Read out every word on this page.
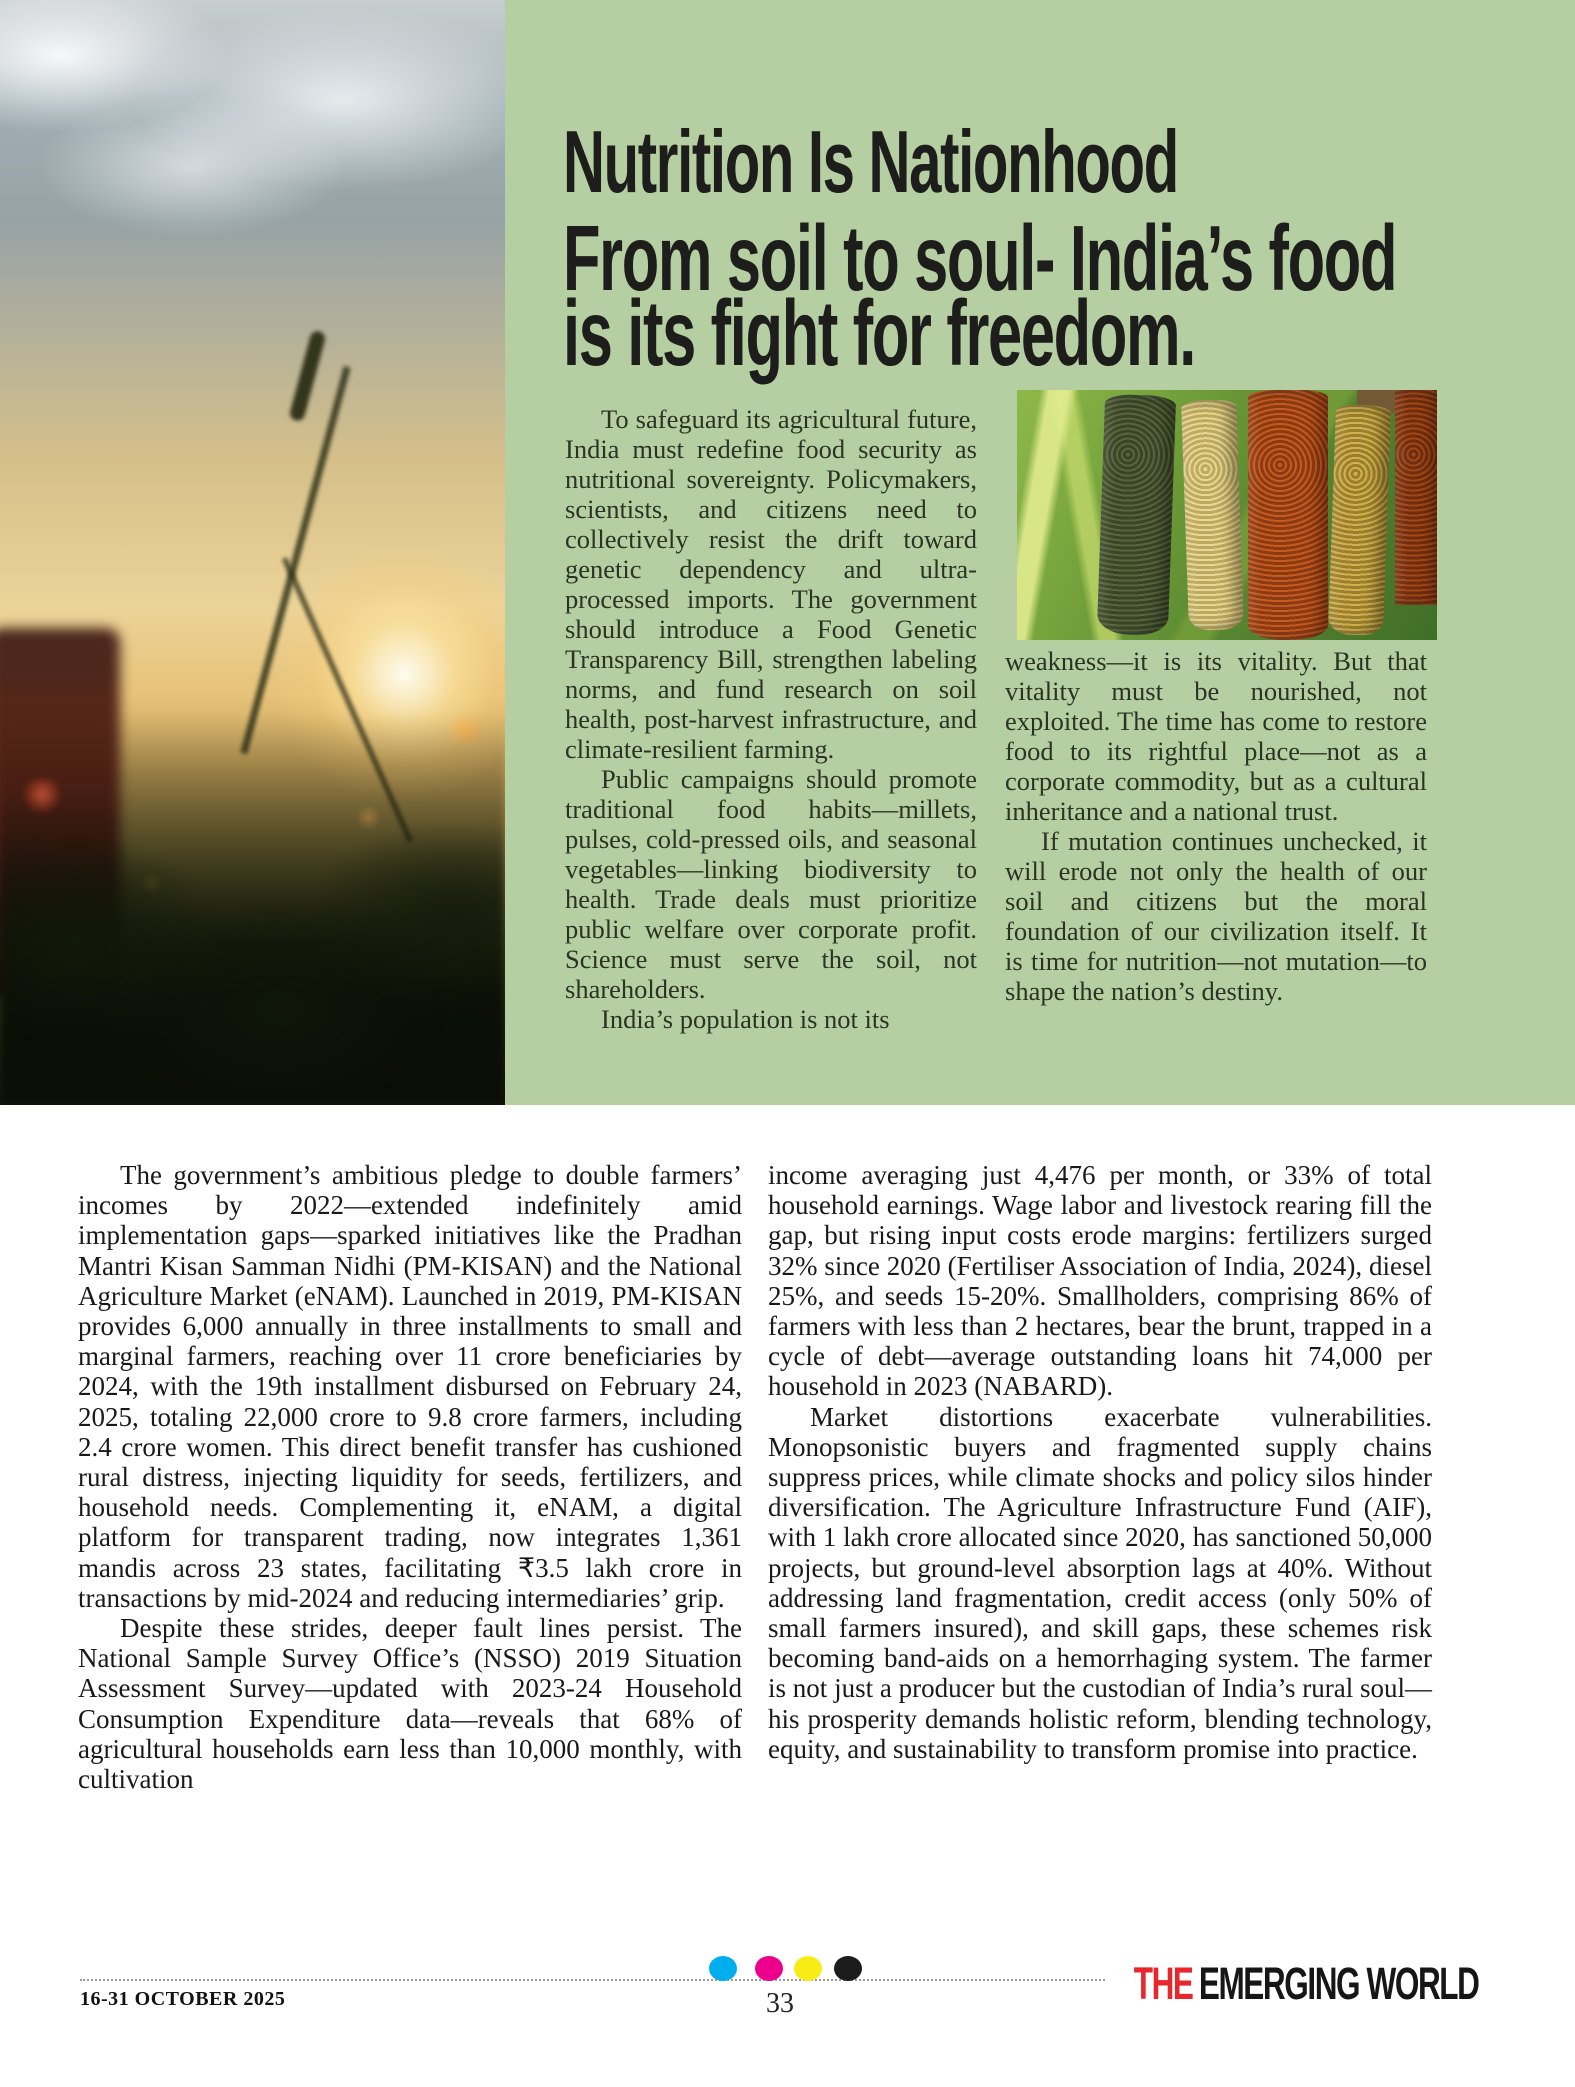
Nutrition Is Nationhood
From soil to soul- India’s food
is its fight for freedom.

To safeguard its agricultural future, India must redefine food security as nutritional sovereignty. Policymakers, scientists, and citizens need to collectively resist the drift toward genetic dependency and ultra-processed imports. The government should introduce a Food Genetic Transparency Bill, strengthen labeling norms, and fund research on soil health, post-harvest infrastructure, and climate-resilient farming.

Public campaigns should promote traditional food habits—millets, pulses, cold-pressed oils, and seasonal vegetables—linking biodiversity to health. Trade deals must prioritize public welfare over corporate profit. Science must serve the soil, not shareholders.

India’s population is not its

weakness—it is its vitality. But that vitality must be nourished, not exploited. The time has come to restore food to its rightful place—not as a corporate commodity, but as a cultural inheritance and a national trust.

If mutation continues unchecked, it will erode not only the health of our soil and citizens but the moral foundation of our civilization itself. It is time for nutrition—not mutation—to shape the nation’s destiny.

The government’s ambitious pledge to double farmers’ incomes by 2022—extended indefinitely amid implementation gaps—sparked initiatives like the Pradhan Mantri Kisan Samman Nidhi (PM-KISAN) and the National Agriculture Market (eNAM). Launched in 2019, PM-KISAN provides 6,000 annually in three installments to small and marginal farmers, reaching over 11 crore beneficiaries by 2024, with the 19th installment disbursed on February 24, 2025, totaling 22,000 crore to 9.8 crore farmers, including 2.4 crore women. This direct benefit transfer has cushioned rural distress, injecting liquidity for seeds, fertilizers, and household needs. Complementing it, eNAM, a digital platform for transparent trading, now integrates 1,361 mandis across 23 states, facilitating ₹3.5 lakh crore in transactions by mid-2024 and reducing intermediaries’ grip.

Despite these strides, deeper fault lines persist. The National Sample Survey Office’s (NSSO) 2019 Situation Assessment Survey—updated with 2023-24 Household Consumption Expenditure data—reveals that 68% of agricultural households earn less than 10,000 monthly, with cultivation

income averaging just 4,476 per month, or 33% of total household earnings. Wage labor and livestock rearing fill the gap, but rising input costs erode margins: fertilizers surged 32% since 2020 (Fertiliser Association of India, 2024), diesel 25%, and seeds 15-20%. Smallholders, comprising 86% of farmers with less than 2 hectares, bear the brunt, trapped in a cycle of debt—average outstanding loans hit 74,000 per household in 2023 (NABARD).

Market distortions exacerbate vulnerabilities. Monopsonistic buyers and fragmented supply chains suppress prices, while climate shocks and policy silos hinder diversification. The Agriculture Infrastructure Fund (AIF), with 1 lakh crore allocated since 2020, has sanctioned 50,000 projects, but ground-level absorption lags at 40%. Without addressing land fragmentation, credit access (only 50% of small farmers insured), and skill gaps, these schemes risk becoming band-aids on a hemorrhaging system. The farmer is not just a producer but the custodian of India’s rural soul—his prosperity demands holistic reform, blending technology, equity, and sustainability to transform promise into practice.

16-31 OCTOBER 2025	33	THE EMERGING WORLD
